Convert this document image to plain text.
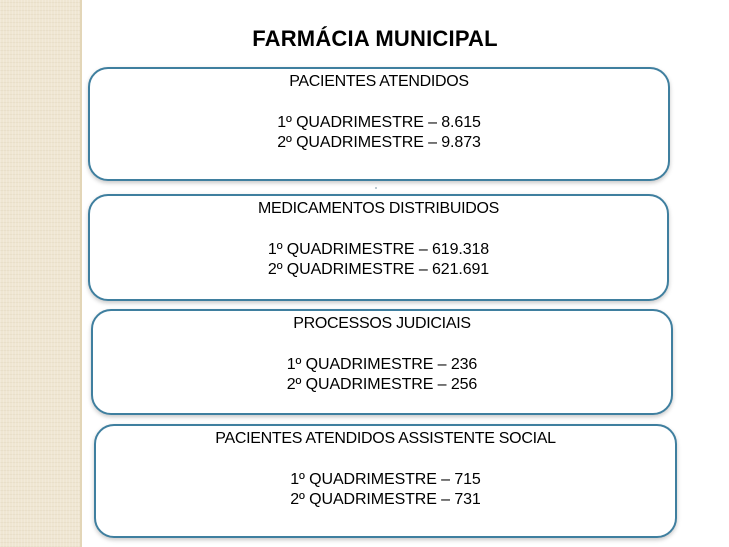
FARMÁCIA MUNICIPAL
PACIENTES ATENDIDOS
1º QUADRIMESTRE – 8.615
2º QUADRIMESTRE – 9.873
MEDICAMENTOS DISTRIBUIDOS
1º QUADRIMESTRE – 619.318
2º QUADRIMESTRE – 621.691
PROCESSOS JUDICIAIS
1º QUADRIMESTRE – 236
2º QUADRIMESTRE – 256
PACIENTES ATENDIDOS ASSISTENTE SOCIAL
1º QUADRIMESTRE – 715
2º QUADRIMESTRE – 731
